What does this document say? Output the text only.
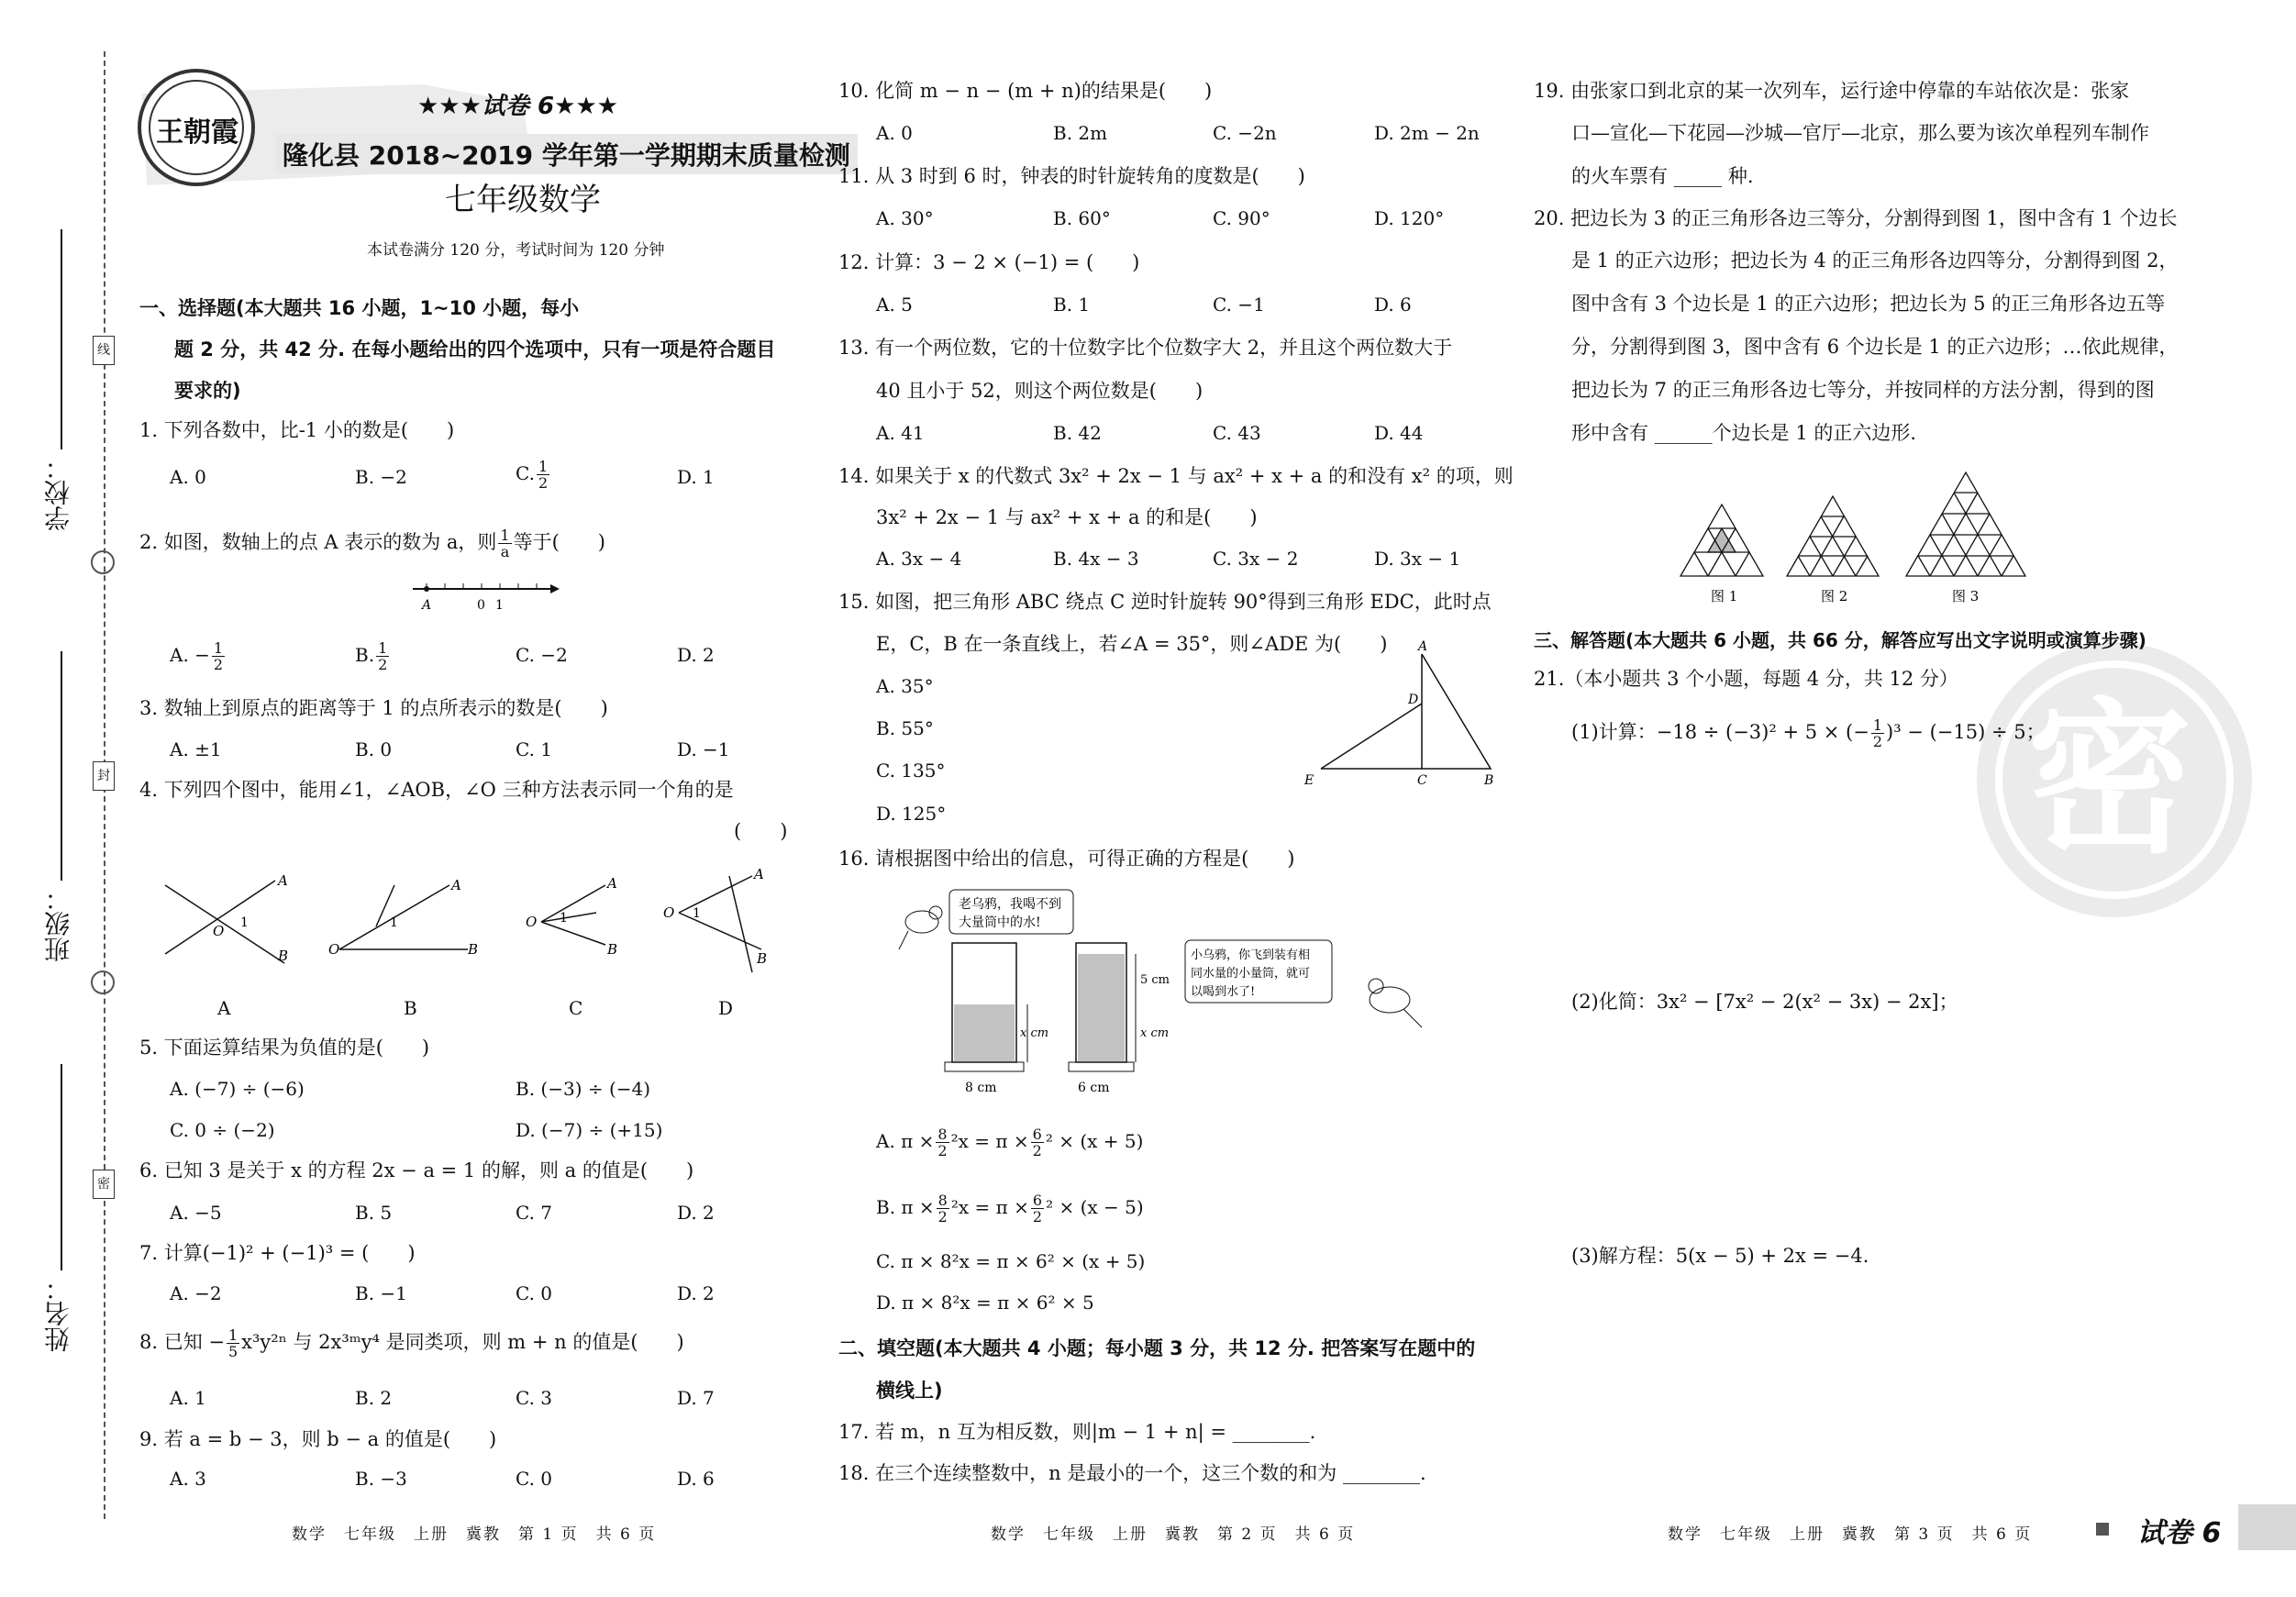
学校：
班级：
姓名：
线
封
密
王朝霞
★★★试卷 6★★★
隆化县 2018~2019 学年第一学期期末质量检测
七年级数学
本试卷满分 120 分，考试时间为 120 分钟
一、选择题(本大题共 16 小题，1~10 小题，每小
题 2 分，共 42 分. 在每小题给出的四个选项中，只有一项是符合题目
要求的)
1. 下列各数中，比-1 小的数是(　　)
A. 0	B. −2	C. $\frac{1}{2}$	D. 1
2. 如图，数轴上的点 A 表示的数为 a，则 $\frac{1}{a}$ 等于(　　)
A	0 1
A. − $\frac{1}{2}$	B. $\frac{1}{2}$	C. −2	D. 2
3. 数轴上到原点的距离等于 1 的点所表示的数是(　　)
A. ±1	B. 0	C. 1	D. −1
4. 下列四个图中，能用∠1，∠AOB，∠O 三种方法表示同一个角的是
(　　)
A
B
O 1
O
A
B
1	O
A
B
1	O
A
B
1
A	B	C	D
5. 下面运算结果为负值的是(　　)
A. (−7) ÷ (−6)	B. (−3) ÷ (−4)
C. 0 ÷ (−2)	D. (−7) ÷ (+15)
6. 已知 3 是关于 x 的方程 2x − a = 1 的解，则 a 的值是(　　)
A. −5	B. 5	C. 7	D. 2
7. 计算(−1)² + (−1)³ = (　　)
A. −2	B. −1	C. 0	D. 2
8. 已知 − $\frac{1}{5} x^3y^{2n}$ 与 2x³ᵐy⁴ 是同类项，则 m + n 的值是(　　)
A. 1	B. 2	C. 3	D. 7
9. 若 a = b − 3，则 b − a 的值是(　　)
A. 3	B. −3	C. 0	D. 6
数学　七年级　上册　冀教　第 1 页　共 6 页
10. 化简 m − n − (m + n)的结果是(　　)
A. 0	B. 2m	C. −2n	D. 2m − 2n
11. 从 3 时到 6 时，钟表的时针旋转角的度数是(　　)
A. 30°	B. 60°	C. 90°	D. 120°
12. 计算：3 − 2 × (−1) = (　　)
A. 5	B. 1	C. −1	D. 6
13. 有一个两位数，它的十位数字比个位数字大 2，并且这个两位数大于
40 且小于 52，则这个两位数是(　　)
A. 41	B. 42	C. 43	D. 44
14. 如果关于 x 的代数式 3x² + 2x − 1 与 ax² + x + a 的和没有 x² 的项，则
3x² + 2x − 1 与 ax² + x + a 的和是(　　)
A. 3x − 4	B. 4x − 3	C. 3x − 2	D. 3x − 1
15. 如图，把三角形 ABC 绕点 C 逆时针旋转 90°得到三角形 EDC，此时点
E，C，B 在一条直线上，若∠A = 35°，则∠ADE 为(　　)
A. 35°
B. 55°
C. 135°
D. 125°
A
D
E	C	B
16. 请根据图中给出的信息，可得正确的方程是(　　)
老乌鸦，我喝不到
大量筒中的水!
x cm
8 cm
5 cm
x cm
6 cm
小乌鸦，你飞到装有相
同水量的小量筒，就可
以喝到水了!
A. $\pi \times \frac{8}{2} ^2x = \pi \times \frac{6}{2} ^2 \times (x + 5)$
B. $\pi \times \frac{8}{2} ^2x = \pi \times \frac{6}{2} ^2 \times (x - 5)$
C. π × 8²x = π × 6² × (x + 5)
D. π × 8²x = π × 6² × 5
二、填空题(本大题共 4 小题；每小题 3 分，共 12 分. 把答案写在题中的
横线上)
17. 若 m，n 互为相反数，则|m − 1 + n| = ________.
18. 在三个连续整数中，n 是最小的一个，这三个数的和为 ________.
数学　七年级　上册　冀教　第 2 页　共 6 页
密
19. 由张家口到北京的某一次列车，运行途中停靠的车站依次是：张家
口—宣化—下花园—沙城—官厅—北京，那么要为该次单程列车制作
的火车票有 _____ 种.
20. 把边长为 3 的正三角形各边三等分，分割得到图 1，图中含有 1 个边长
是 1 的正六边形；把边长为 4 的正三角形各边四等分，分割得到图 2，
图中含有 3 个边长是 1 的正六边形；把边长为 5 的正三角形各边五等
分，分割得到图 3，图中含有 6 个边长是 1 的正六边形；…依此规律，
把边长为 7 的正三角形各边七等分，并按同样的方法分割，得到的图
形中含有 ______个边长是 1 的正六边形.
图 1	图 2	图 3
三、解答题(本大题共 6 小题，共 66 分，解答应写出文字说明或演算步骤)
21.（本小题共 3 个小题，每题 4 分，共 12 分）
(1)计算：−18 ÷ (−3)² + 5 × (− $\frac{1}{2} )^3 - (-15) \div 5$；
(2)化简：3x² − [7x² − 2(x² − 3x) − 2x]；
(3)解方程：5(x − 5) + 2x = −4.
数学　七年级　上册　冀教　第 3 页　共 6 页	试卷 6
